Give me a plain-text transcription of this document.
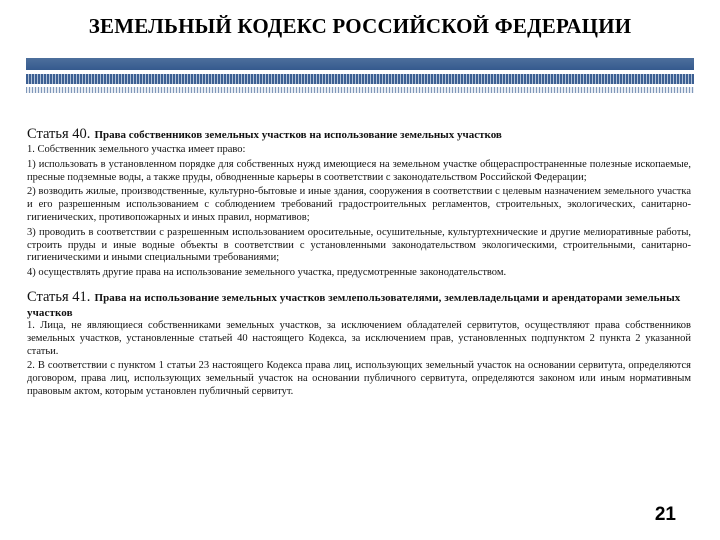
ЗЕМЕЛЬНЫЙ КОДЕКС РОССИЙСКОЙ ФЕДЕРАЦИИ
Статья 40. Права собственников земельных участков на использование земельных участков

1. Собственник земельного участка имеет право:

1) использовать в установленном порядке для собственных нужд имеющиеся на земельном участке общераспространенные полезные ископаемые, пресные подземные воды, а также пруды, обводненные карьеры в соответствии с законодательством Российской Федерации;

2) возводить жилые, производственные, культурно-бытовые и иные здания, сооружения в соответствии с целевым назначением земельного участка и его разрешенным использованием с соблюдением требований градостроительных регламентов, строительных, экологических, санитарно-гигиенических, противопожарных и иных правил, нормативов;

3) проводить в соответствии с разрешенным использованием оросительные, осушительные, культуртехнические и другие мелиоративные работы, строить пруды и иные водные объекты в соответствии с установленными законодательством экологическими, строительными, санитарно-гигиеническими и иными специальными требованиями;

4) осуществлять другие права на использование земельного участка, предусмотренные законодательством.

Статья 41. Права на использование земельных участков землепользователями, землевладельцами и арендаторами земельных участков

1. Лица, не являющиеся собственниками земельных участков, за исключением обладателей сервитутов, осуществляют права собственников земельных участков, установленные статьей 40 настоящего Кодекса, за исключением прав, установленных подпунктом 2 пункта 2 указанной статьи.

2. В соответствии с пунктом 1 статьи 23 настоящего Кодекса права лиц, использующих земельный участок на основании сервитута, определяются договором, права лиц, использующих земельный участок на основании публичного сервитута, определяются законом или иным нормативным правовым актом, которым установлен публичный сервитут.

21
